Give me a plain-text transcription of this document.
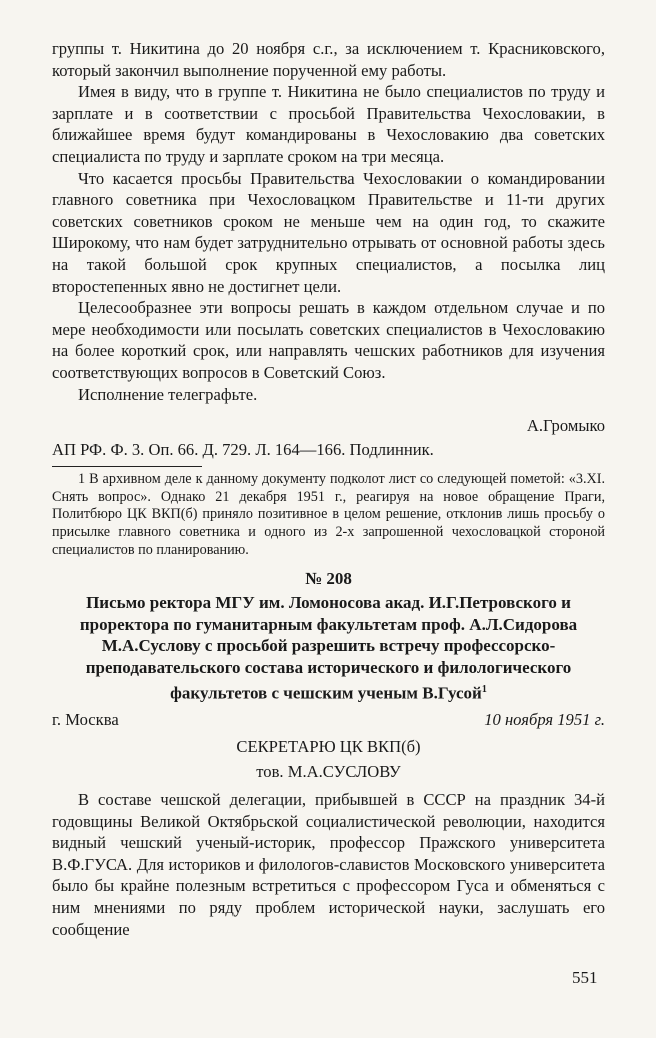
группы т. Никитина до 20 ноября с.г., за исключением т. Красниковского, который закончил выполнение порученной ему работы.

Имея в виду, что в группе т. Никитина не было специалистов по труду и зарплате и в соответствии с просьбой Правительства Чехословакии, в ближайшее время будут командированы в Чехословакию два советских специалиста по труду и зарплате сроком на три месяца.

Что касается просьбы Правительства Чехословакии о командировании главного советника при Чехословацком Правительстве и 11-ти других советских советников сроком не меньше чем на один год, то скажите Широкому, что нам будет затруднительно отрывать от основной работы здесь на такой большой срок крупных специалистов, а посылка лиц второстепенных явно не достигнет цели.

Целесообразнее эти вопросы решать в каждом отдельном случае и по мере необходимости или посылать советских специалистов в Чехословакию на более короткий срок, или направлять чешских работников для изучения соответствующих вопросов в Советский Союз.

Исполнение телеграфьте.

А.Громыко

АП РФ. Ф. 3. Оп. 66. Д. 729. Л. 164—166. Подлинник.

1 В архивном деле к данному документу подколот лист со следующей пометой: «3.XI. Снять вопрос». Однако 21 декабря 1951 г., реагируя на новое обращение Праги, Политбюро ЦК ВКП(б) приняло позитивное в целом решение, отклонив лишь просьбу о присылке главного советника и одного из 2-х запрошенной чехословацкой стороной специалистов по планированию.

№ 208
Письмо ректора МГУ им. Ломоносова акад. И.Г.Петровского и проректора по гуманитарным факультетам проф. А.Л.Сидорова М.А.Суслову с просьбой разрешить встречу профессорско-преподавательского состава исторического и филологического факультетов с чешским ученым В.Гусой$^1$
г. Москва	10 ноября 1951 г.
СЕКРЕТАРЮ ЦК ВКП(б)
тов. М.А.СУСЛОВУ

В составе чешской делегации, прибывшей в СССР на праздник 34-й годовщины Великой Октябрьской социалистической революции, находится видный чешский ученый-историк, профессор Пражского университета В.Ф.ГУСА. Для историков и филологов-славистов Московского университета было бы крайне полезным встретиться с профессором Гуса и обменяться с ним мнениями по ряду проблем исторической науки, заслушать его сообщение

551
